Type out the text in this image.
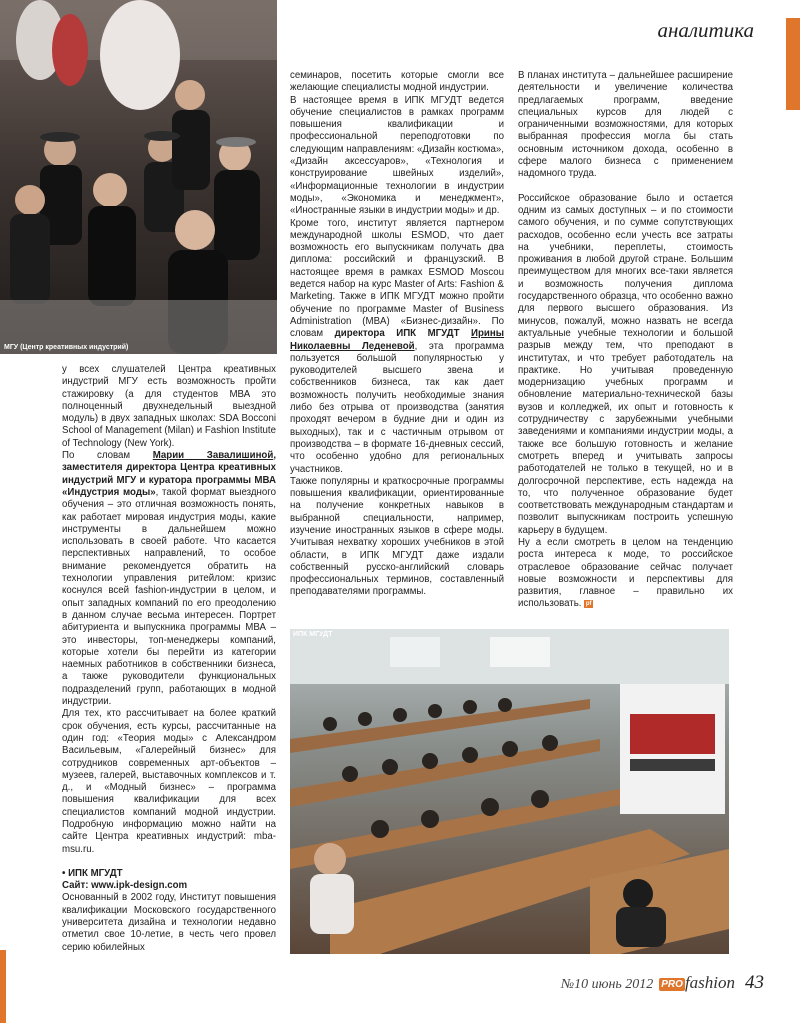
аналитика
МГУ (Центр креативных индустрий)

у всех слушателей Центра креативных индустрий МГУ есть возможность пройти стажировку (а для студентов МВА это полноценный двухнедельный выездной модуль) в двух западных школах: SDA Bocconi School of Management (Milan) и Fashion Institute of Technology (New York).

По словам Марии Завалишиной, заместителя директора Центра креативных индустрий МГУ и куратора программы МВА «Индустрия моды», такой формат выездного обучения – это отличная возможность понять, как работает мировая индустрия моды, какие инструменты в дальнейшем можно использовать в своей работе. Что касается перспективных направлений, то особое внимание рекомендуется обратить на технологии управления ритейлом: кризис коснулся всей fashion-индустрии в целом, и опыт западных компаний по его преодолению в данном случае весьма интересен. Портрет абитуриента и выпускника программы МВА – это инвесторы, топ-менеджеры компаний, которые хотели бы перейти из категории наемных работников в собственники бизнеса, а также руководители функциональных подразделений групп, работающих в модной индустрии.

Для тех, кто рассчитывает на более краткий срок обучения, есть курсы, рассчитанные на один год: «Теория моды» с Александром Васильевым, «Галерейный бизнес» для сотрудников современных арт-объектов – музеев, галерей, выставочных комплексов и т. д., и «Модный бизнес» – программа повышения квалификации для всех специалистов компаний модной индустрии. Подробную информацию можно найти на сайте Центра креативных индустрий: mba-msu.ru.

• ИПК МГУДТ

Сайт: www.ipk-design.com

Основанный в 2002 году, Институт повышения квалификации Московского государственного университета дизайна и технологии недавно отметил свое 10-летие, в честь чего провел серию юбилейных

семинаров, посетить которые смогли все желающие специалисты модной индустрии.

В настоящее время в ИПК МГУДТ ведется обучение специалистов в рамках программ повышения квалификации и профессиональной переподготовки по следующим направлениям: «Дизайн костюма», «Дизайн аксессуаров», «Технология и конструирование швейных изделий», «Информационные технологии в индустрии моды», «Экономика и менеджмент», «Иностранные языки в индустрии моды» и др.

Кроме того, институт является партнером международной школы ESMOD, что дает возможность его выпускникам получать два диплома: российский и французский. В настоящее время в рамках ESMOD Moscou ведется набор на курс Master of Arts: Fashion & Marketing. Также в ИПК МГУДТ можно пройти обучение по программе Master of Business Administration (MBA) «Бизнес-дизайн». По словам директора ИПК МГУДТ Ирины Николаевны Леденевой, эта программа пользуется большой популярностью у руководителей высшего звена и собственников бизнеса, так как дает возможность получить необходимые знания либо без отрыва от производства (занятия проходят вечером в будние дни и один из выходных), так и с частичным отрывом от производства – в формате 16-дневных сессий, что особенно удобно для региональных участников.

Также популярны и краткосрочные программы повышения квалификации, ориентированные на получение конкретных навыков в выбранной специальности, например, изучение иностранных языков в сфере моды. Учитывая нехватку хороших учебников в этой области, в ИПК МГУДТ даже издали собственный русско-английский словарь профессиональных терминов, составленный преподавателями программы.

В планах института – дальнейшее расширение деятельности и увеличение количества предлагаемых программ, введение специальных курсов для людей с ограниченными возможностями, для которых выбранная профессия могла бы стать основным источником дохода, особенно в сфере малого бизнеса с применением надомного труда.

Российское образование было и остается одним из самых доступных – и по стоимости самого обучения, и по сумме сопутствующих расходов, особенно если учесть все затраты на учебники, переплеты, стоимость проживания в любой другой стране. Большим преимуществом для многих все-таки является и возможность получения диплома государственного образца, что особенно важно для первого высшего образования. Из минусов, пожалуй, можно назвать не всегда актуальные учебные технологии и большой разрыв между тем, что преподают в институтах, и что требует работодатель на практике. Но учитывая проведенную модернизацию учебных программ и обновление материально-технической базы вузов и колледжей, их опыт и готовность к сотрудничеству с зарубежными учебными заведениями и компаниями индустрии моды, а также все большую готовность и желание смотреть вперед и учитывать запросы работодателей не только в текущей, но и в долгосрочной перспективе, есть надежда на то, что полученное образование будет соответствовать международным стандартам и позволит выпускникам построить успешную карьеру в будущем.

Ну а если смотреть в целом на тенденцию роста интереса к моде, то российское отраслевое образование сейчас получает новые возможности и перспективы для развития, главное – правильно их использовать. pf

ИПК МГУДТ
№10 июнь 2012 PRO fashion 43
